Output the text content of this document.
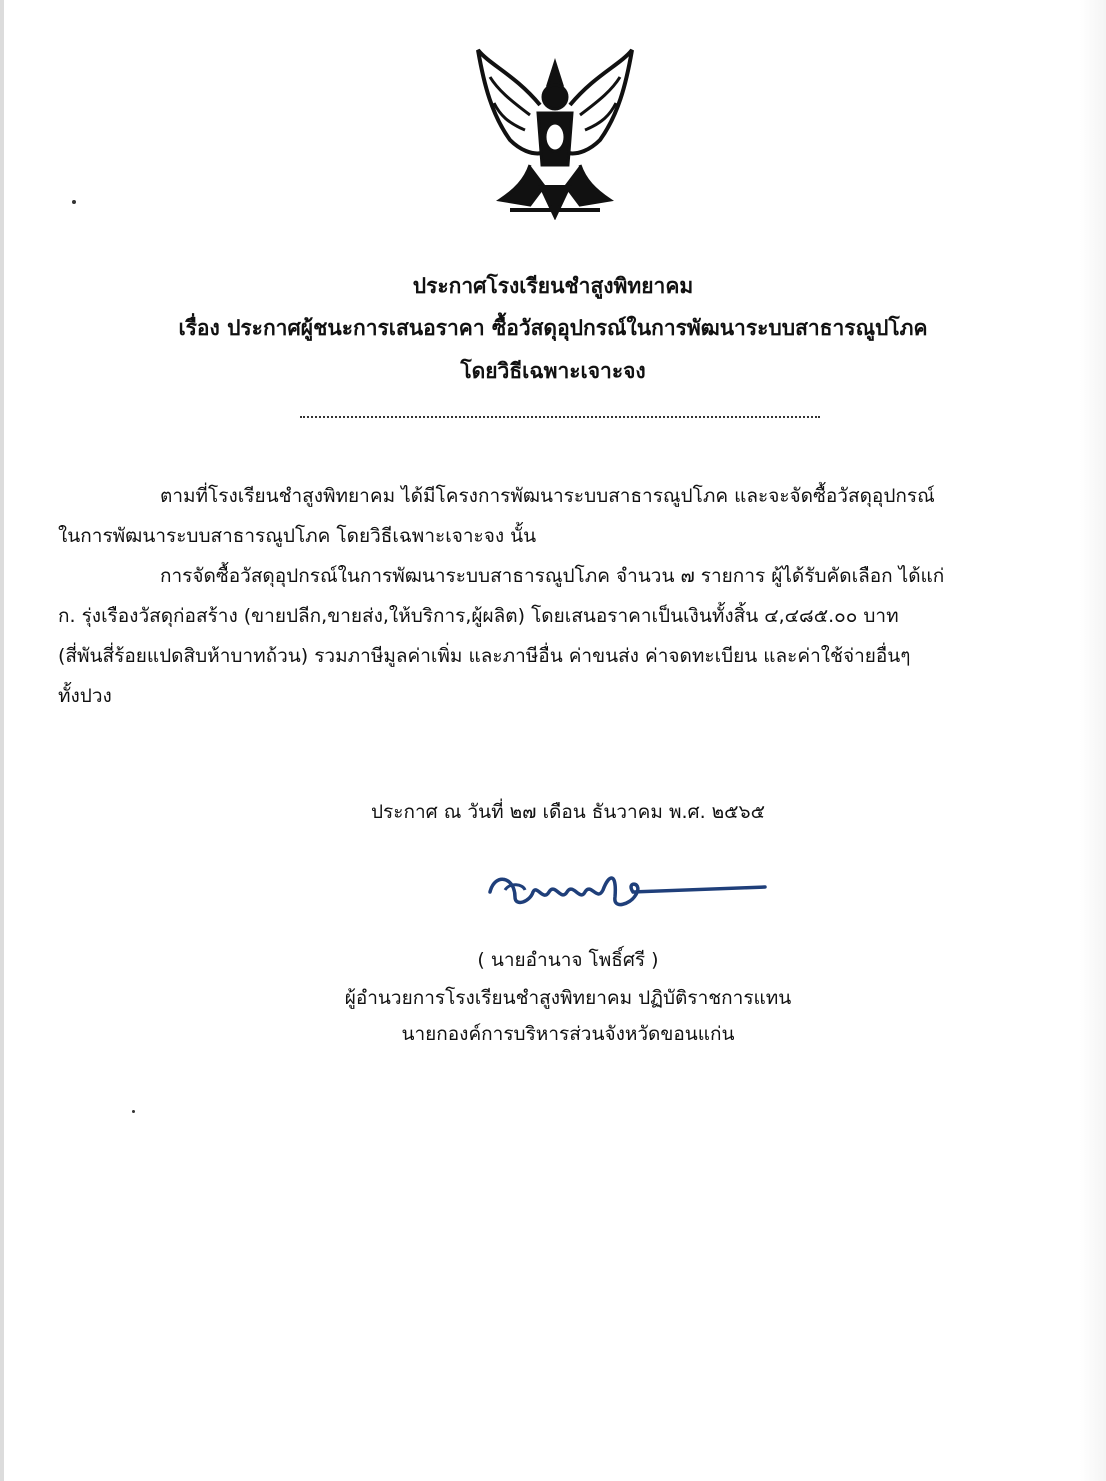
ประกาศโรงเรียนชำสูงพิทยาคม
เรื่อง ประกาศผู้ชนะการเสนอราคา ซื้อวัสดุอุปกรณ์ในการพัฒนาระบบสาธารณูปโภค
โดยวิธีเฉพาะเจาะจง
ตามที่โรงเรียนชำสูงพิทยาคม ได้มีโครงการพัฒนาระบบสาธารณูปโภค และจะจัดซื้อวัสดุอุปกรณ์
ในการพัฒนาระบบสาธารณูปโภค โดยวิธีเฉพาะเจาะจง นั้น
การจัดซื้อวัสดุอุปกรณ์ในการพัฒนาระบบสาธารณูปโภค จำนวน ๗ รายการ ผู้ได้รับคัดเลือก ได้แก่
ก. รุ่งเรืองวัสดุก่อสร้าง (ขายปลีก,ขายส่ง,ให้บริการ,ผู้ผลิต) โดยเสนอราคาเป็นเงินทั้งสิ้น ๔,๔๘๕.๐๐ บาท
(สี่พันสี่ร้อยแปดสิบห้าบาทถ้วน) รวมภาษีมูลค่าเพิ่ม และภาษีอื่น ค่าขนส่ง ค่าจดทะเบียน และค่าใช้จ่ายอื่นๆ
ทั้งปวง
ประกาศ ณ วันที่ ๒๗ เดือน ธันวาคม พ.ศ. ๒๕๖๕
( นายอำนาจ โพธิ์ศรี )
ผู้อำนวยการโรงเรียนชำสูงพิทยาคม ปฏิบัติราชการแทน
นายกองค์การบริหารส่วนจังหวัดขอนแก่น
